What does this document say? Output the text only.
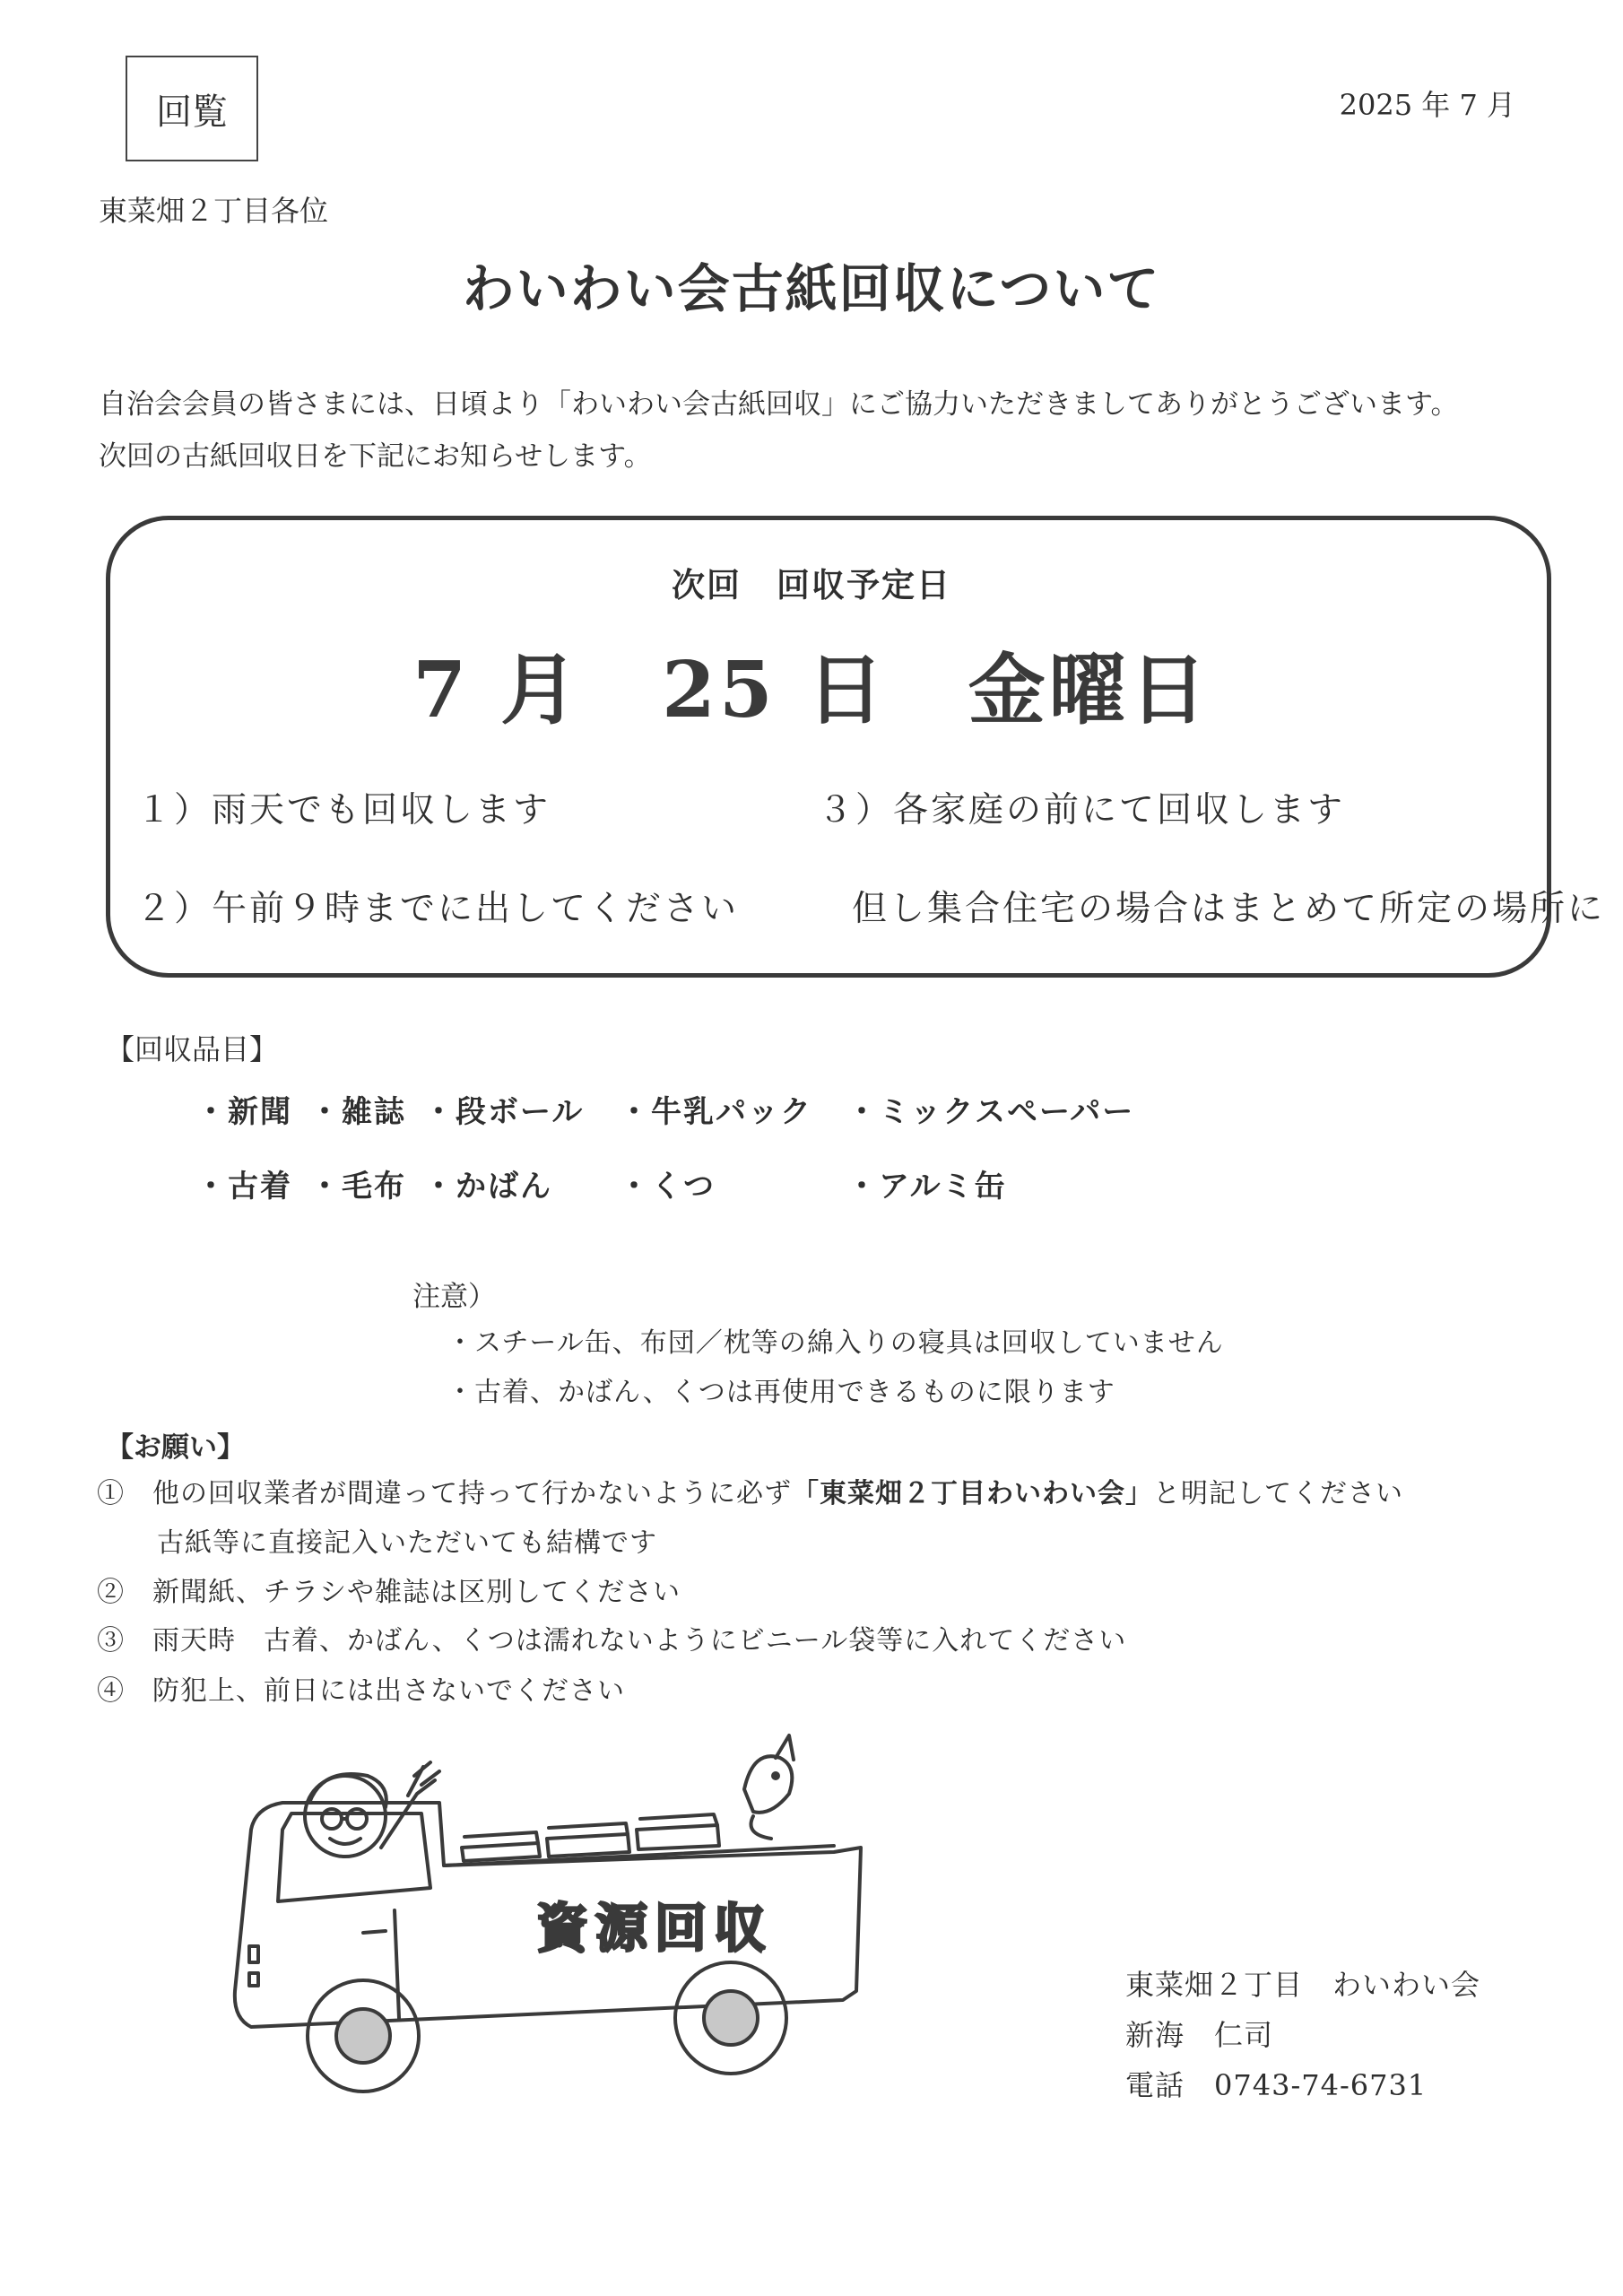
回覧	2025 年 7 月
東菜畑２丁目各位
わいわい会古紙回収について
自治会会員の皆さまには、日頃より「わいわい会古紙回収」にご協力いただきましてありがとうございます。
次回の古紙回収日を下記にお知らせします。
次回　回収予定日
7 月　25 日　金曜日
１）雨天でも回収します
２）午前９時までに出してください
３）各家庭の前にて回収します
但し集合住宅の場合はまとめて所定の場所に
【回収品目】
・新聞 ・雑誌 ・段ボール ・牛乳パック ・ミックスペーパー
・古着 ・毛布 ・かばん ・くつ	・アルミ缶
注意）
・スチール缶、布団／枕等の綿入りの寝具は回収していません
・古着、かばん、くつは再使用できるものに限ります
【お願い】
①　他の回収業者が間違って持って行かないように必ず「東菜畑２丁目わいわい会」と明記してください
古紙等に直接記入いただいても結構です
②　新聞紙、チラシや雑誌は区別してください
③　雨天時　古着、かばん、くつは濡れないようにビニール袋等に入れてください
④　防犯上、前日には出さないでください
資源回収
東菜畑２丁目　わいわい会
新海　仁司
電話　0743-74-6731
